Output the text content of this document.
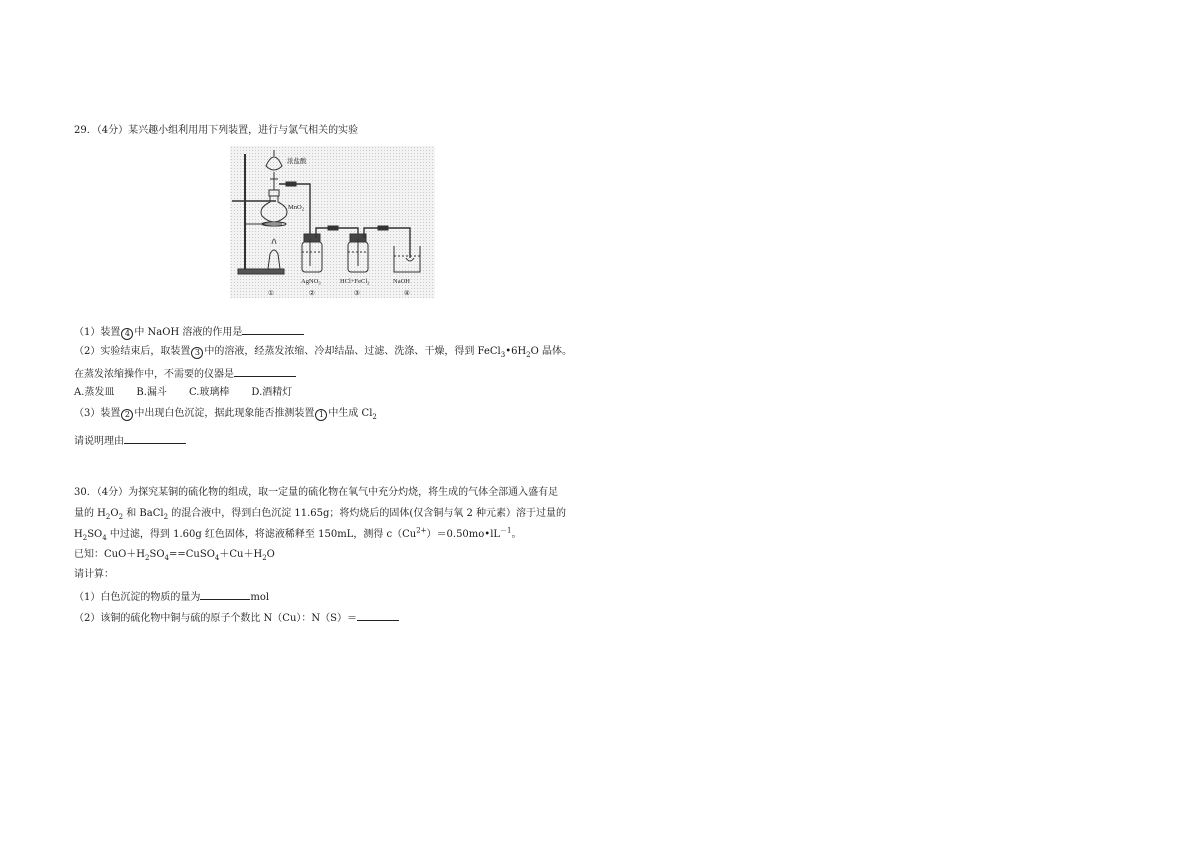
29．（4分）某兴趣小组利用用下列装置，进行与氯气相关的实验
浓盐酸
MnO$_2$
AgNO$_3$	HCl+FeCl$_2$	NaOH
①	②	③	④
（1）装置 4 中 NaOH 溶液的作用是
（2）实验结束后，取装置 3 中的溶液，经蒸发浓缩、冷却结晶、过滤、洗涤、干燥，得到 $FeCl_3•6H_2O$ 晶体。
在蒸发浓缩操作中，不需要的仪器是
A.蒸发皿 B.漏斗 C.玻璃棒 D.酒精灯
（3）装置 2 中出现白色沉淀，据此现象能否推测装置 1 中生成 $Cl_2$
请说明理由
30．（4分）为探究某铜的硫化物的组成，取一定量的硫化物在氧气中充分灼烧，将生成的气体全部通入盛有足
量的 $H_2O_2$ 和 BaCl$_2$ 的混合液中，得到白色沉淀 11.65g；将灼烧后的固体(仅含铜与氧 2 种元素）溶于过量的
$H_2SO_4$ 中过滤，得到 1.60g 红色固体，将滤液稀释至 150mL，测得 $c(Cu^{2+})=0.50mo•lL^{-1}$。
已知：$CuO+H_2SO_4==CuSO_4+Cu+H_2O$
请计算：
（1）白色沉淀的物质的量为	mol
（2）该铜的硫化物中铜与硫的原子个数比 N（Cu）：N（S）＝
